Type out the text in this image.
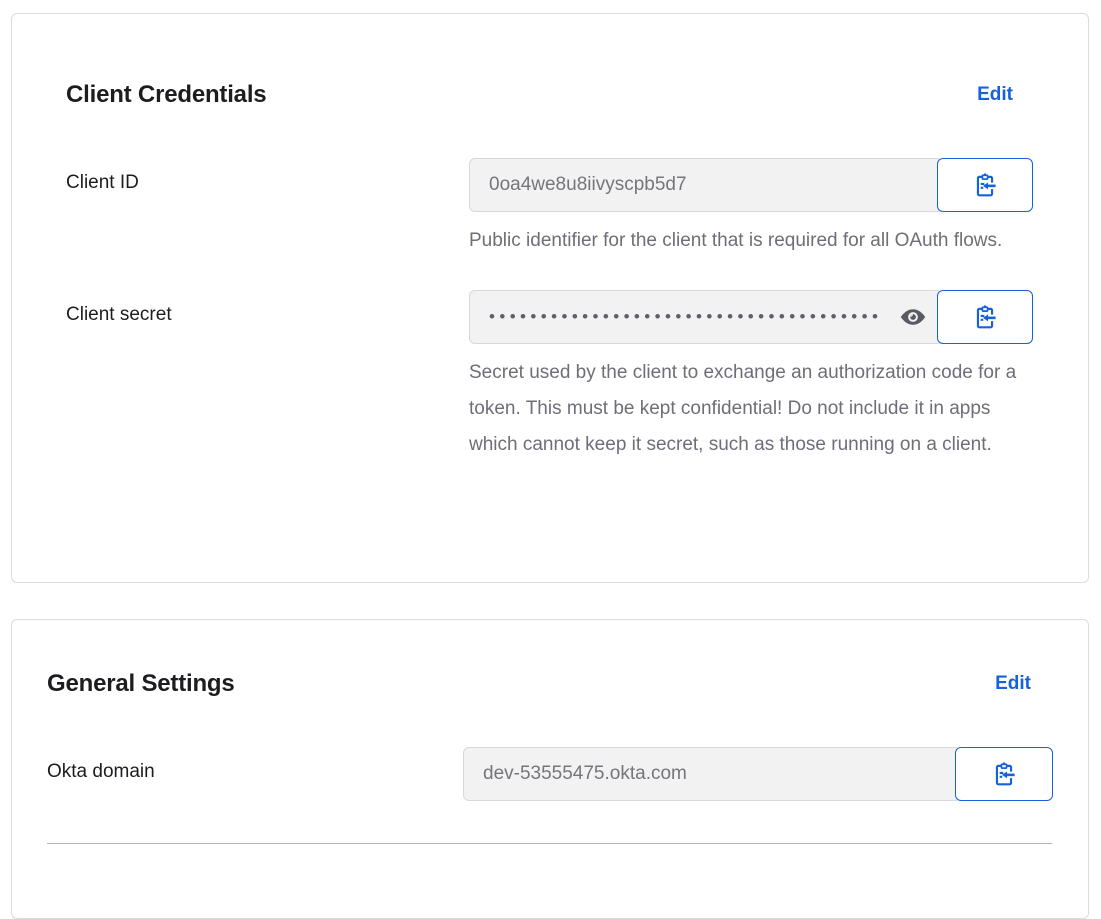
Client Credentials	Edit
Client ID	0oa4we8u8iivyscpb5d7

Public identifier for the client that is required for all OAuth flows.

Client secret	••••••••••••••••••••••••••••••••••••••

Secret used by the client to exchange an authorization code for a token. This must be kept confidential! Do not include it in apps which cannot keep it secret, such as those running on a client.

General Settings	Edit
Okta domain	dev-53555475.okta.com
